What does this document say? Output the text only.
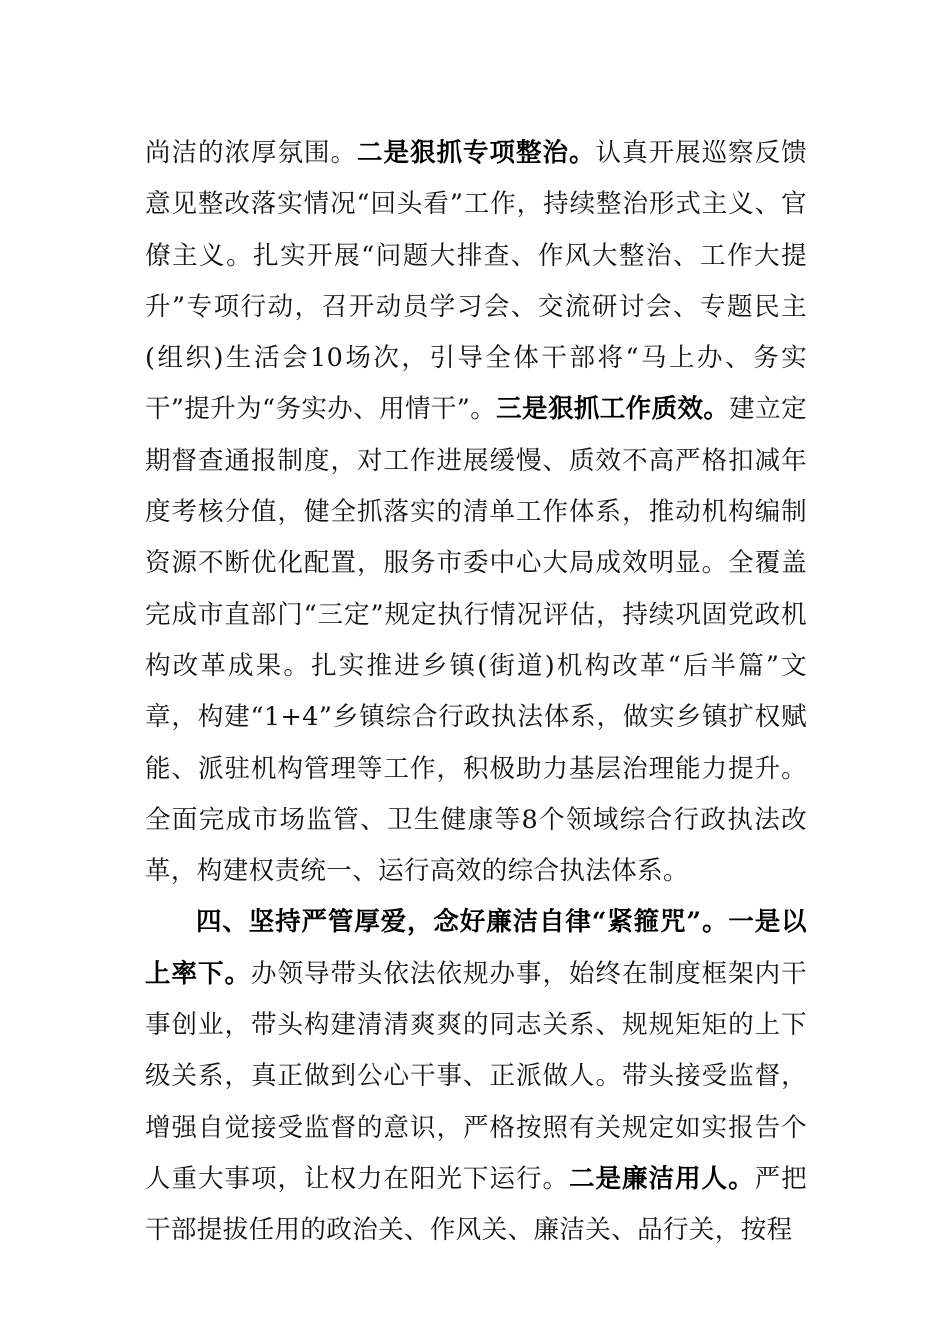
尚洁的浓厚氛围。二是狠抓专项整治。认真开展巡察反馈意见整改落实情况“回头看”工作，持续整治形式主义、官僚主义。扎实开展“问题大排查、作风大整治、工作大提升”专项行动，召开动员学习会、交流研讨会、专题民主(组织)生活会10场次，引导全体干部将“马上办、务实干”提升为“务实办、用情干”。三是狠抓工作质效。建立定期督查通报制度，对工作进展缓慢、质效不高严格扣减年度考核分值，健全抓落实的清单工作体系，推动机构编制资源不断优化配置，服务市委中心大局成效明显。全覆盖完成市直部门“三定”规定执行情况评估，持续巩固党政机构改革成果。扎实推进乡镇(街道)机构改革“后半篇”文章，构建“1+4”乡镇综合行政执法体系，做实乡镇扩权赋能、派驻机构管理等工作，积极助力基层治理能力提升。全面完成市场监管、卫生健康等8个领域综合行政执法改革，构建权责统一、运行高效的综合执法体系。

四、坚持严管厚爱，念好廉洁自律“紧箍咒”。一是以上率下。办领导带头依法依规办事，始终在制度框架内干事创业，带头构建清清爽爽的同志关系、规规矩矩的上下级关系，真正做到公心干事、正派做人。带头接受监督，增强自觉接受监督的意识，严格按照有关规定如实报告个人重大事项，让权力在阳光下运行。二是廉洁用人。严把干部提拔任用的政治关、作风关、廉洁关、品行关，按程
